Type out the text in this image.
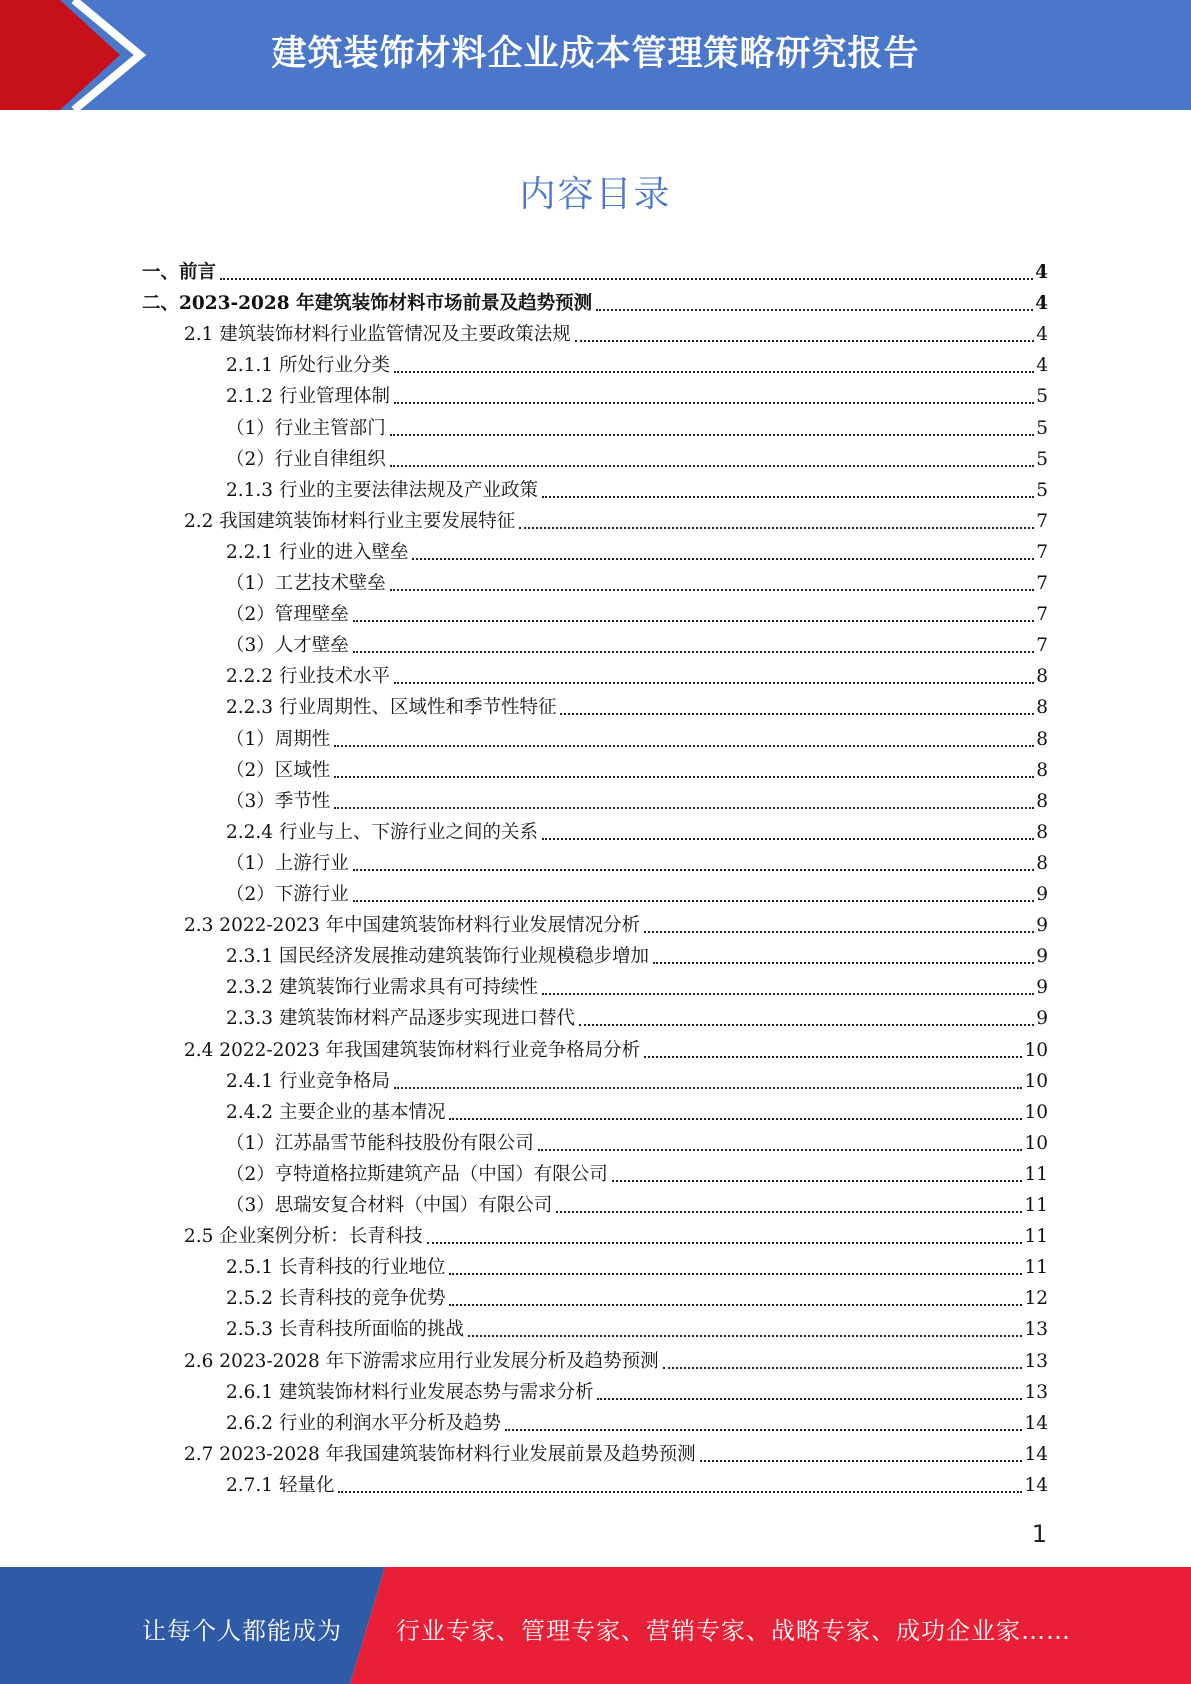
建筑装饰材料企业成本管理策略研究报告
内容目录
一、前言	4
二、2023-2028 年建筑装饰材料市场前景及趋势预测	4
2.1 建筑装饰材料行业监管情况及主要政策法规	4
2.1.1 所处行业分类	4
2.1.2 行业管理体制	5
（1）行业主管部门	5
（2）行业自律组织	5
2.1.3 行业的主要法律法规及产业政策	5
2.2 我国建筑装饰材料行业主要发展特征	7
2.2.1 行业的进入壁垒	7
（1）工艺技术壁垒	7
（2）管理壁垒	7
（3）人才壁垒	7
2.2.2 行业技术水平	8
2.2.3 行业周期性、区域性和季节性特征	8
（1）周期性	8
（2）区域性	8
（3）季节性	8
2.2.4 行业与上、下游行业之间的关系	8
（1）上游行业	8
（2）下游行业	9
2.3 2022-2023 年中国建筑装饰材料行业发展情况分析	9
2.3.1 国民经济发展推动建筑装饰行业规模稳步增加	9
2.3.2 建筑装饰行业需求具有可持续性	9
2.3.3 建筑装饰材料产品逐步实现进口替代	9
2.4 2022-2023 年我国建筑装饰材料行业竞争格局分析	10
2.4.1 行业竞争格局	10
2.4.2 主要企业的基本情况	10
（1）江苏晶雪节能科技股份有限公司	10
（2）亨特道格拉斯建筑产品（中国）有限公司	11
（3）思瑞安复合材料（中国）有限公司	11
2.5 企业案例分析：长青科技	11
2.5.1 长青科技的行业地位	11
2.5.2 长青科技的竞争优势	12
2.5.3 长青科技所面临的挑战	13
2.6 2023-2028 年下游需求应用行业发展分析及趋势预测	13
2.6.1 建筑装饰材料行业发展态势与需求分析	13
2.6.2 行业的利润水平分析及趋势	14
2.7 2023-2028 年我国建筑装饰材料行业发展前景及趋势预测	14
2.7.1 轻量化	14
1
让每个人都能成为 行业专家、管理专家、营销专家、战略专家、成功企业家……
